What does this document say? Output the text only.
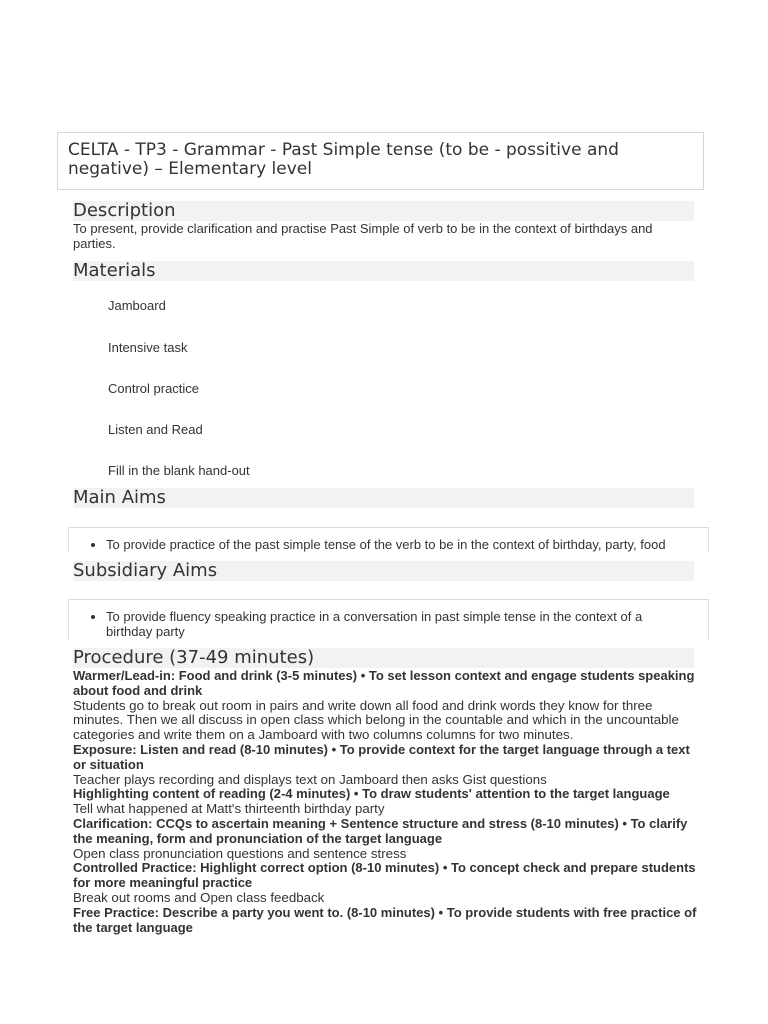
CELTA - TP3 - Grammar - Past Simple tense (to be - possitive and negative) – Elementary level
Description
To present, provide clarification and practise Past Simple of verb to be in the context of birthdays and parties.
Materials
Jamboard
Intensive task
Control practice
Listen and Read
Fill in the blank hand-out
Main Aims
• To provide practice of the past simple tense of the verb to be in the context of birthday, party, food
Subsidiary Aims
• To provide fluency speaking practice in a conversation in past simple tense in the context of a birthday party
Procedure (37-49 minutes)

Warmer/Lead-in: Food and drink (3-5 minutes) • To set lesson context and engage students speaking about food and drink

Students go to break out room in pairs and write down all food and drink words they know for three minutes. Then we all discuss in open class which belong in the countable and which in the uncountable categories and write them on a Jamboard with two columns columns for two minutes.

Exposure: Listen and read (8-10 minutes) • To provide context for the target language through a text or situation

Teacher plays recording and displays text on Jamboard then asks Gist questions

Highlighting content of reading (2-4 minutes) • To draw students' attention to the target language

Tell what happened at Matt's thirteenth birthday party

Clarification: CCQs to ascertain meaning + Sentence structure and stress (8-10 minutes) • To clarify the meaning, form and pronunciation of the target language

Open class pronunciation questions and sentence stress

Controlled Practice: Highlight correct option (8-10 minutes) • To concept check and prepare students for more meaningful practice

Break out rooms and Open class feedback

Free Practice: Describe a party you went to. (8-10 minutes) • To provide students with free practice of the target language
